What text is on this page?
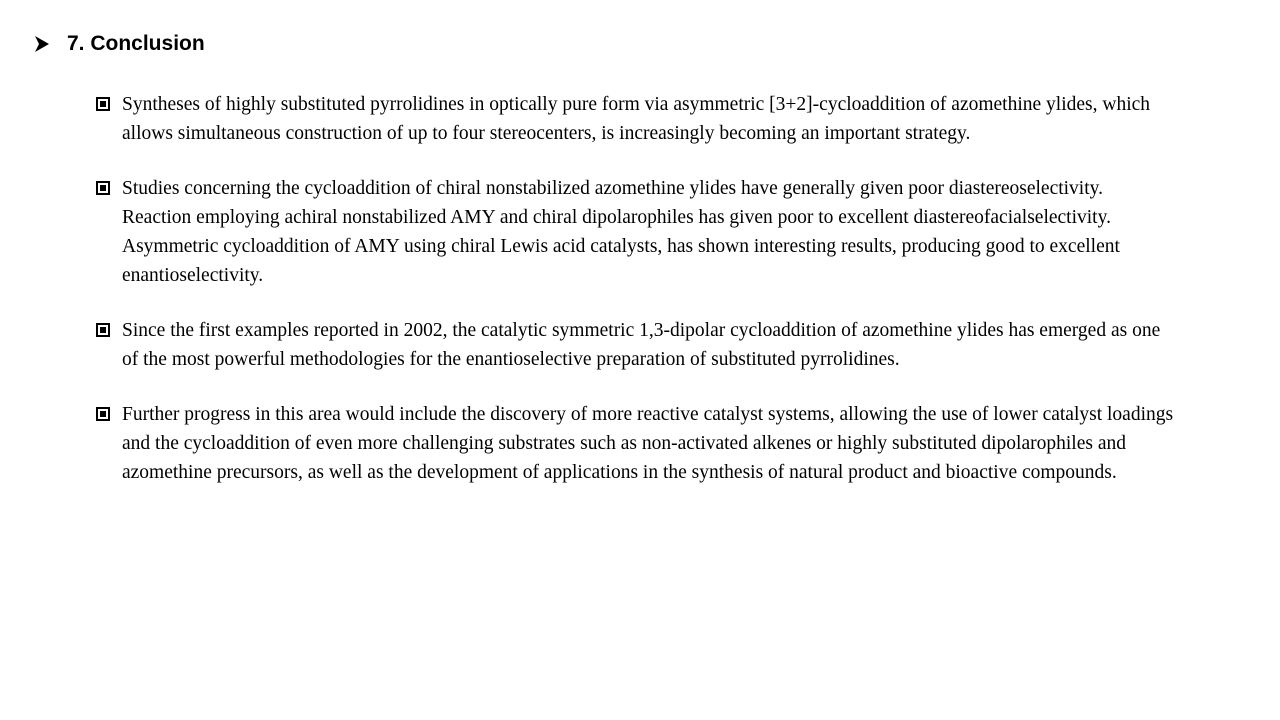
7. Conclusion
Syntheses of highly substituted pyrrolidines in optically pure form via asymmetric [3+2]-cycloaddition of azomethine ylides, which allows simultaneous construction of up to four stereocenters, is increasingly becoming an important strategy.
Studies concerning the cycloaddition of chiral nonstabilized azomethine ylides have generally given poor diastereoselectivity. Reaction employing achiral nonstabilized AMY and chiral dipolarophiles has given poor to excellent diastereofacialselectivity. Asymmetric cycloaddition of AMY using chiral Lewis acid catalysts, has shown interesting results, producing good to excellent enantioselectivity.
Since the first examples reported in 2002, the catalytic symmetric 1,3-dipolar cycloaddition of azomethine ylides has emerged as one of the most powerful methodologies for the enantioselective preparation of substituted pyrrolidines.
Further progress in this area would include the discovery of more reactive catalyst systems, allowing the use of lower catalyst loadings and the cycloaddition of even more challenging substrates such as non-activated alkenes or highly substituted dipolarophiles and azomethine precursors, as well as the development of applications in the synthesis of natural product and bioactive compounds.
